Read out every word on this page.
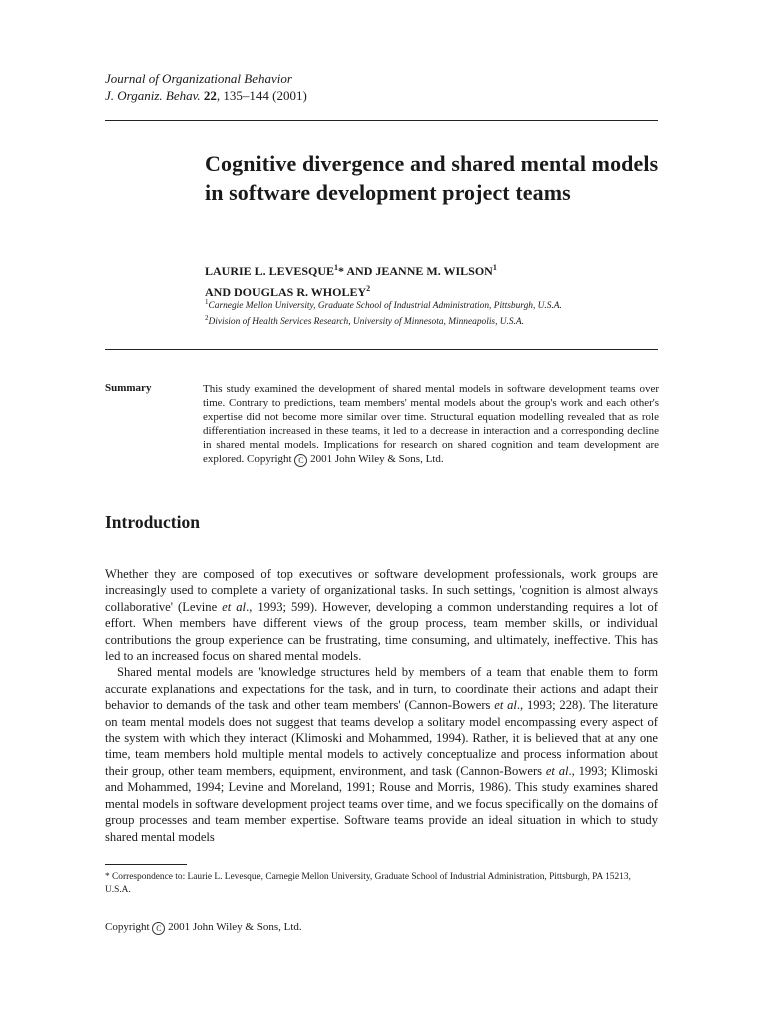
Journal of Organizational Behavior
J. Organiz. Behav. 22, 135–144 (2001)
Cognitive divergence and shared mental models in software development project teams
LAURIE L. LEVESQUE$^1$* AND JEANNE M. WILSON$^1$
AND DOUGLAS R. WHOLEY$^2$
$^1$Carnegie Mellon University, Graduate School of Industrial Administration, Pittsburgh, U.S.A.
$^2$Division of Health Services Research, University of Minnesota, Minneapolis, U.S.A.
Summary	This study examined the development of shared mental models in software development teams over time. Contrary to predictions, team members' mental models about the group's work and each other's expertise did not become more similar over time. Structural equation modelling revealed that as role differentiation increased in these teams, it led to a decrease in interaction and a corresponding decline in shared mental models. Implications for research on shared cognition and team development are explored. Copyright C 2001 John Wiley & Sons, Ltd.
Introduction

Whether they are composed of top executives or software development professionals, work groups are increasingly used to complete a variety of organizational tasks. In such settings, 'cognition is almost always collaborative' (Levine et al., 1993; 599). However, developing a common understanding requires a lot of effort. When members have different views of the group process, team member skills, or individual contributions the group experience can be frustrating, time consuming, and ultimately, ineffective. This has led to an increased focus on shared mental models.

Shared mental models are 'knowledge structures held by members of a team that enable them to form accurate explanations and expectations for the task, and in turn, to coordinate their actions and adapt their behavior to demands of the task and other team members' (Cannon-Bowers et al., 1993; 228). The literature on team mental models does not suggest that teams develop a solitary model encompassing every aspect of the system with which they interact (Klimoski and Mohammed, 1994). Rather, it is believed that at any one time, team members hold multiple mental models to actively conceptualize and process information about their group, other team members, equipment, environment, and task (Cannon-Bowers et al., 1993; Klimoski and Mohammed, 1994; Levine and Moreland, 1991; Rouse and Morris, 1986). This study examines shared mental models in software development project teams over time, and we focus specifically on the domains of group processes and team member expertise. Software teams provide an ideal situation in which to study shared mental models

* Correspondence to: Laurie L. Levesque, Carnegie Mellon University, Graduate School of Industrial Administration, Pittsburgh, PA 15213, U.S.A.
Copyright C 2001 John Wiley & Sons, Ltd.
